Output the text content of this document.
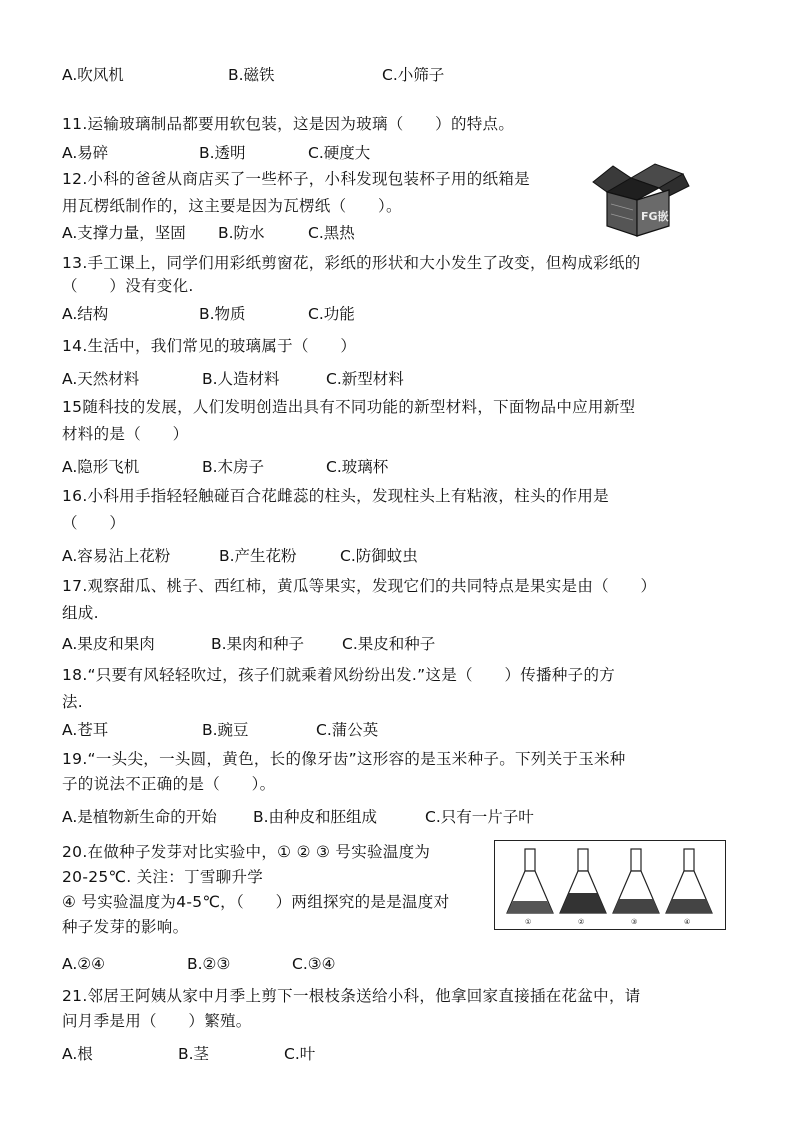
A.吹风机	B.磁铁	C.小筛子
11.运输玻璃制品都要用软包装，这是因为玻璃（　　）的特点。
A.易碎	B.透明	C.硬度大
12.小科的爸爸从商店买了一些杯子，小科发现包装杯子用的纸箱是
用瓦楞纸制作的，这主要是因为瓦楞纸（　　）。
A.支撑力量，坚固 B.防水	C.黑热
FG嵌
13.手工课上，同学们用彩纸剪窗花，彩纸的形状和大小发生了改变，但构成彩纸的
（　　）没有变化.
A.结构	B.物质	C.功能
14.生活中，我们常见的玻璃属于（　　）
A.天然材料	B.人造材料	C.新型材料
15随科技的发展，人们发明创造出具有不同功能的新型材料，下面物品中应用新型
材料的是（　　）
A.隐形飞机	B.木房子	C.玻璃杯
16.小科用手指轻轻触碰百合花雌蕊的柱头，发现柱头上有粘液，柱头的作用是
（　　）
A.容易沾上花粉	B.产生花粉	C.防御蚊虫
17.观察甜瓜、桃子、西红柿，黄瓜等果实，发现它们的共同特点是果实是由（　　）
组成.
A.果皮和果肉	B.果肉和种子 C.果皮和种子
18.“只要有风轻轻吹过，孩子们就乘着风纷纷出发.”这是（　　）传播种子的方
法.
A.苍耳	B.豌豆	C.蒲公英
19.“一头尖，一头圆，黄色，长的像牙齿”这形容的是玉米种子。下列关于玉米种
子的说法不正确的是（　　）。
A.是植物新生命的开始 B.由种皮和胚组成	C.只有一片子叶
20.在做种子发芽对比实验中，① ② ③ 号实验温度为
20-25℃. 关注：丁雪聊升学
④ 号实验温度为4-5℃，（　　）两组探究的是是温度对
种子发芽的影响。
A.②④	B.②③	C.③④
①	②	③	④
21.邻居王阿姨从家中月季上剪下一根枝条送给小科，他拿回家直接插在花盆中，请
问月季是用（　　）繁殖。
A.根	B.茎	C.叶
